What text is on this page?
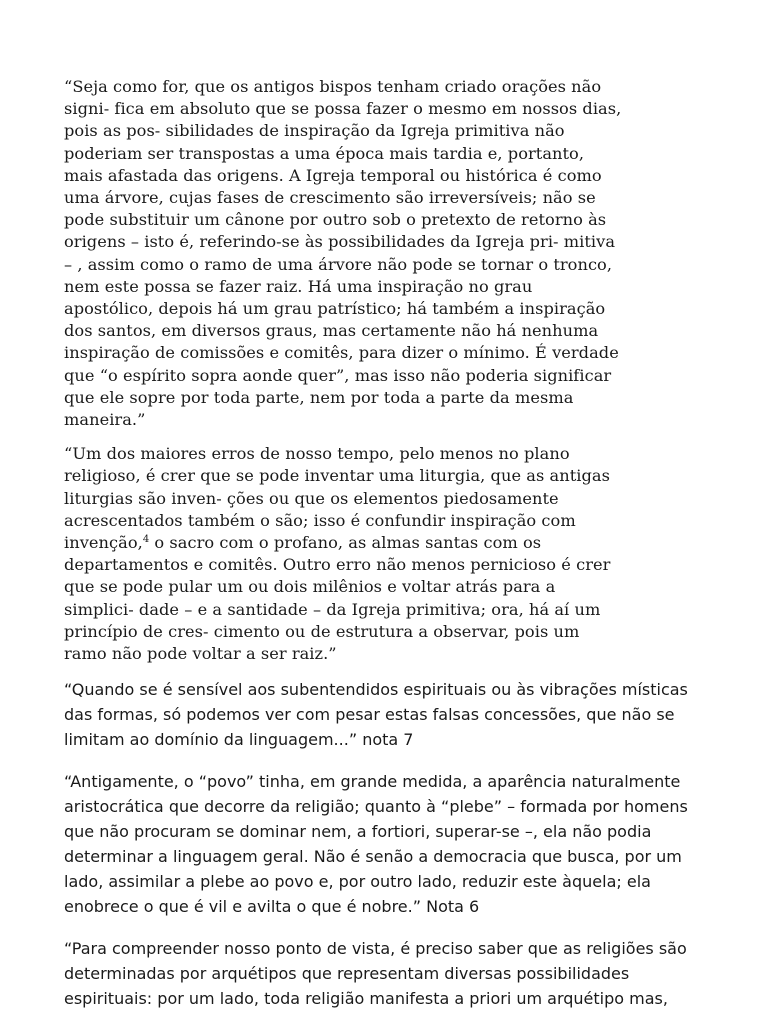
“Seja como for, que os antigos bispos tenham criado orações não
signi- fica em absoluto que se possa fazer o mesmo em nossos dias,
pois as pos- sibilidades de inspiração da Igreja primitiva não
poderiam ser transpostas a uma época mais tardia e, portanto,
mais afastada das origens. A Igreja temporal ou histórica é como
uma árvore, cujas fases de crescimento são irreversíveis; não se
pode substituir um cânone por outro sob o pretexto de retorno às
origens – isto é, referindo-se às possibilidades da Igreja pri- mitiva
– , assim como o ramo de uma árvore não pode se tornar o tronco,
nem este possa se fazer raiz. Há uma inspiração no grau
apostólico, depois há um grau patrístico; há também a inspiração
dos santos, em diversos graus, mas certamente não há nenhuma
inspiração de comissões e comitês, para dizer o mínimo. É verdade
que “o espírito sopra aonde quer”, mas isso não poderia significar
que ele sopre por toda parte, nem por toda a parte da mesma
maneira.”

“Um dos maiores erros de nosso tempo, pelo menos no plano
religioso, é crer que se pode inventar uma liturgia, que as antigas
liturgias são inven- ções ou que os elementos piedosamente
acrescentados também o são; isso é confundir inspiração com
invenção,$^4$ o sacro com o profano, as almas santas com os
departamentos e comitês. Outro erro não menos pernicioso é crer
que se pode pular um ou dois milênios e voltar atrás para a
simplici- dade – e a santidade – da Igreja primitiva; ora, há aí um
princípio de cres- cimento ou de estrutura a observar, pois um
ramo não pode voltar a ser raiz.”

“Quando se é sensível aos subentendidos espirituais ou às vibrações místicas
das formas, só podemos ver com pesar estas falsas concessões, que não se
limitam ao domínio da linguagem...” nota 7

“Antigamente, o “povo” tinha, em grande medida, a aparência naturalmente
aristocrática que decorre da religião; quanto à “plebe” – formada por homens
que não procuram se dominar nem, a fortiori, superar-se –, ela não podia
determinar a linguagem geral. Não é senão a democracia que busca, por um
lado, assimilar a plebe ao povo e, por outro lado, reduzir este àquela; ela
enobrece o que é vil e avilta o que é nobre.” Nota 6

“Para compreender nosso ponto de vista, é preciso saber que as religiões são
determinadas por arquétipos que representam diversas possibilidades
espirituais: por um lado, toda religião manifesta a priori um arquétipo mas,
